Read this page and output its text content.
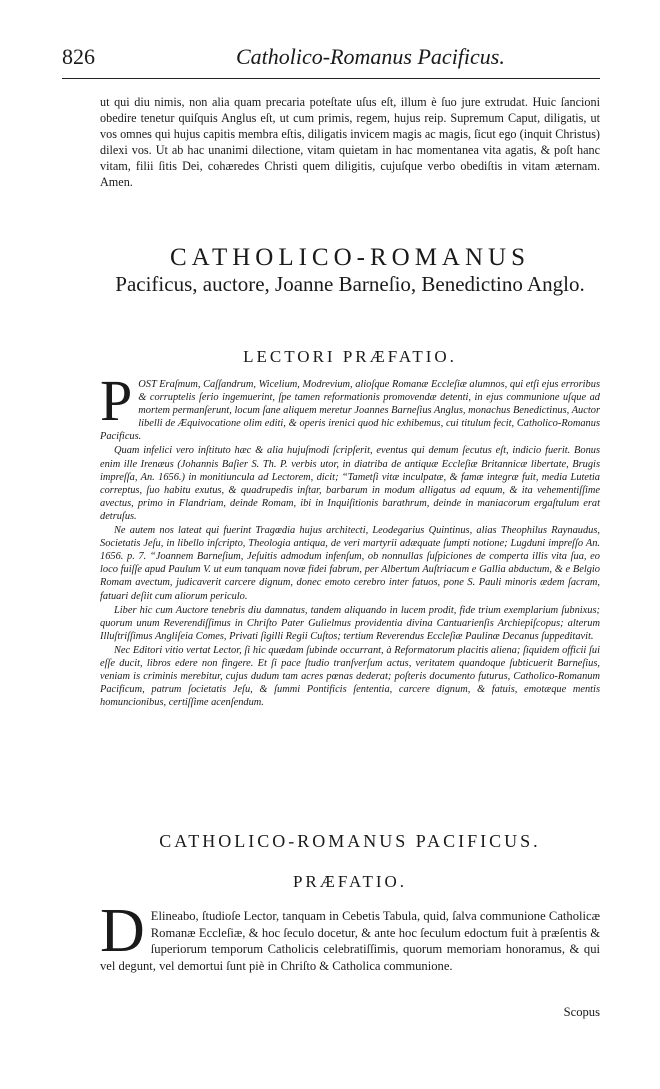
826	Catholico-Romanus Pacificus.
ut qui diu nimis, non alia quam precaria poteſtate uſus eſt, illum è ſuo jure extrudat. Huic ſancioni obedire tenetur quiſquis Anglus eſt, ut cum primis, regem, hujus reip. Supremum Caput, diligatis, ut vos omnes qui hujus capitis membra eſtis, diligatis invicem magis ac magis, ſicut ego (inquit Christus) dilexi vos. Ut ab hac unanimi dilectione, vitam quietam in hac momentanea vita agatis, & poſt hanc vitam, filii ſitis Dei, cohæredes Christi quem diligitis, cujuſque verbo obediſtis in vitam æternam. Amen.
CATHOLICO-ROMANUS
Pacificus, auctore, Joanne Barneſio, Benedictino Anglo.
LECTORI PRÆFATIO.

P OST Eraſmum, Caſſandrum, Wicelium, Modrevium, alioſque Romanæ Eccleſiæ alumnos, qui etſi ejus erroribus & corruptelis ſerio ingemuerint, ſpe tamen reformationis promovendæ detenti, in ejus communione uſque ad mortem permanſerunt, locum ſane aliquem meretur Joannes Barneſius Anglus, monachus Benedictinus, Auctor libelli de Æquivocatione olim editi, & operis irenici quod hic exhibemus, cui titulum fecit, Catholico-Romanus Pacificus.

Quam infelici vero inſtituto hæc & alia hujuſmodi ſcripſerit, eventus qui demum ſecutus eſt, indicio fuerit. Bonus enim ille Irenæus (Johannis Baſier S. Th. P. verbis utor, in diatriba de antiquæ Eccleſiæ Britannicæ libertate, Brugis impreſſa, An. 1656.) in monitiuncula ad Lectorem, dicit; “Tametſi vitæ inculpatæ, & famæ integræ fuit, media Lutetia correptus, ſuo habitu exutus, & quadrupedis inſtar, barbarum in modum alligatus ad equum, & ita vehementiſſime avectus, primo in Flandriam, deinde Romam, ibi in Inquiſitionis barathrum, deinde in maniacorum ergaſtulum erat detruſus.

Ne autem nos lateat qui fuerint Tragœdia hujus architecti, Leodegarius Quintinus, alias Theophilus Raynaudus, Societatis Jeſu, in libello inſcripto, Theologia antiqua, de veri martyrii adæquate ſumpti notione; Lugduni impreſſo An. 1656. p. 7. “Joannem Barneſium, Jeſuitis admodum infenſum, ob nonnullas ſuſpiciones de comperta illis vita ſua, eo loco fuiſſe apud Paulum V. ut eum tanquam novæ fidei fabrum, per Albertum Auſtriacum e Gallia abductum, & e Belgio Romam avectum, judicaverit carcere dignum, donec emoto cerebro inter fatuos, pone S. Pauli minoris ædem ſacram, fatuari deſiit cum aliorum periculo.

Liber hic cum Auctore tenebris diu damnatus, tandem aliquando in lucem prodit, fide trium exemplarium ſubnixus; quorum unum Reverendiſſimus in Chriſto Pater Gulielmus providentia divina Cantuarienſis Archiepiſcopus; alterum Illuſtriſſimus Angliſeia Comes, Privati ſigilli Regii Cuſtos; tertium Reverendus Eccleſiæ Paulinæ Decanus ſuppeditavit.

Nec Editori vitio vertat Lector, ſi hic quædam ſubinde occurrant, à Reformatorum placitis aliena; ſiquidem officii ſui eſſe ducit, libros edere non fingere. Et ſi pace ſtudio tranſverſum actus, veritatem quandoque ſubticuerit Barneſius, veniam is criminis merebitur, cujus dudum tam acres pœnas dederat; poſteris documento futurus, Catholico-Romanum Pacificum, patrum ſocietatis Jeſu, & ſummi Pontificis ſententia, carcere dignum, & fatuis, emotæque mentis homuncionibus, certiſſime acenſendum.

CATHOLICO-ROMANUS PACIFICUS.
PRÆFATIO.
D Elineabo, ſtudioſe Lector, tanquam in Cebetis Tabula, quid, ſalva communione Catholicæ Romanæ Eccleſiæ, & hoc ſeculo docetur, & ante hoc ſeculum edoctum fuit à præſentis & ſuperiorum temporum Catholicis celebratiſſimis, quorum memoriam honoramus, & qui vel degunt, vel demortui ſunt piè in Chriſto & Catholica communione.
Scopus
